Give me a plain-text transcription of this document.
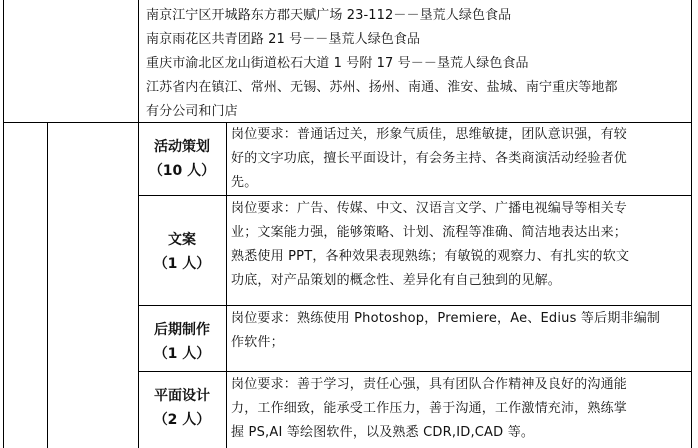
南京江宁区开城路东方郡天赋广场 23-112－－垦荒人绿色食品
南京雨花区共青团路 21 号－－垦荒人绿色食品
重庆市渝北区龙山街道松石大道 1 号附 17 号－－垦荒人绿色食品
江苏省内在镇江、常州、无锡、苏州、扬州、南通、淮安、盐城、南宁重庆等地都
有分公司和门店
活动策划
（10 人）
岗位要求：普通话过关，形象气质佳，思维敏捷，团队意识强，有较
好的文字功底，擅长平面设计，有会务主持、各类商演活动经验者优
先。
文案
（1 人）
岗位要求：广告、传媒、中文、汉语言文学、广播电视编导等相关专
业；文案能力强，能够策略、计划、流程等准确、简洁地表达出来；
熟悉使用 PPT，各种效果表现熟练；有敏锐的观察力、有扎实的软文
功底，对产品策划的概念性、差异化有自己独到的见解。
后期制作
（1 人）
岗位要求：熟练使用 Photoshop，Premiere，Ae、Edius 等后期非编制
作软件；
平面设计
（2 人）
岗位要求：善于学习，责任心强，具有团队合作精神及良好的沟通能
力，工作细致，能承受工作压力，善于沟通，工作激情充沛，熟练掌
握 PS,AI 等绘图软件，以及熟悉 CDR,ID,CAD 等。
